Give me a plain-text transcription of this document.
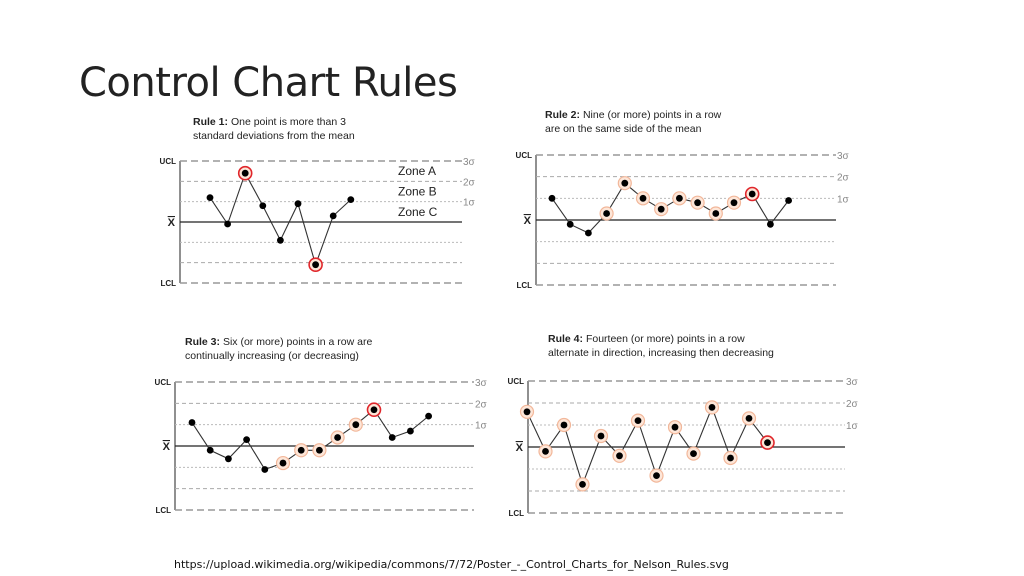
Control Chart Rules
Rule 1: One point is more than 3
standard deviations from the mean
UCL
LCL
X
3σ
2σ
1σ
Zone A
Zone B
Zone C
Rule 2: Nine (or more) points in a row
are on the same side of the mean
UCL
LCL
X
3σ
2σ
1σ
Rule 3: Six (or more) points in a row are
continually increasing (or decreasing)
UCL
LCL
X
3σ
2σ
1σ
Rule 4: Fourteen (or more) points in a row
alternate in direction, increasing then decreasing
UCL
LCL
X
3σ
2σ
1σ
https://upload.wikimedia.org/wikipedia/commons/7/72/Poster_-_Control_Charts_for_Nelson_Rules.svg
